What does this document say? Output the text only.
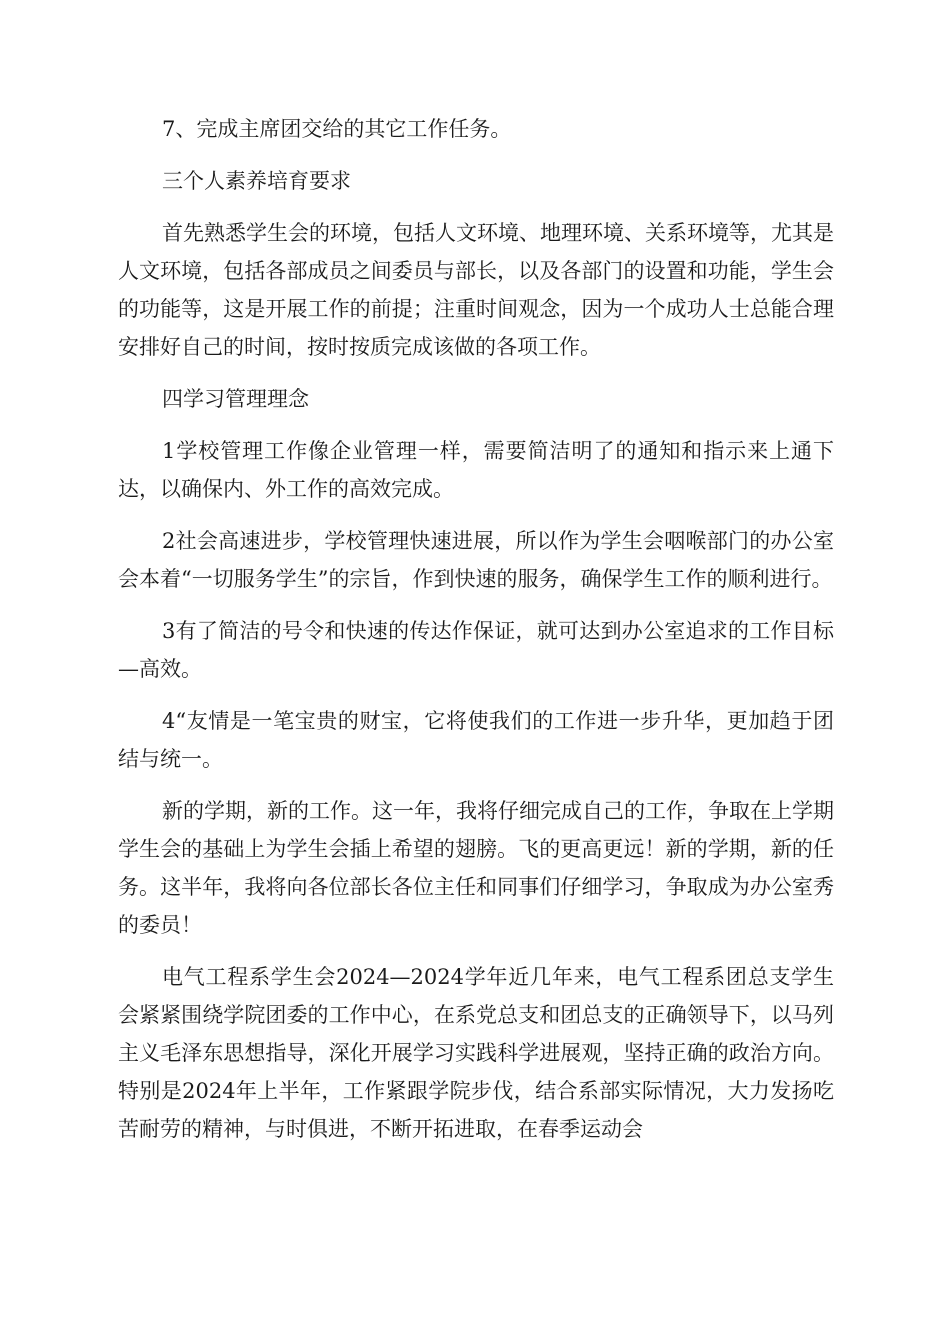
7、完成主席团交给的其它工作任务。

三个人素养培育要求

首先熟悉学生会的环境，包括人文环境、地理环境、关系环境等，尤其是人文环境，包括各部成员之间委员与部长，以及各部门的设置和功能，学生会的功能等，这是开展工作的前提；注重时间观念，因为一个成功人士总能合理安排好自己的时间，按时按质完成该做的各项工作。

四学习管理理念

1学校管理工作像企业管理一样，需要简洁明了的通知和指示来上通下达，以确保内、外工作的高效完成。

2社会高速进步，学校管理快速进展，所以作为学生会咽喉部门的办公室会本着“一切服务学生”的宗旨，作到快速的服务，确保学生工作的顺利进行。

3有了简洁的号令和快速的传达作保证，就可达到办公室追求的工作目标—高效。

4“友情是一笔宝贵的财宝，它将使我们的工作进一步升华，更加趋于团结与统一。

新的学期，新的工作。这一年，我将仔细完成自己的工作，争取在上学期学生会的基础上为学生会插上希望的翅膀。飞的更高更远！新的学期，新的任务。这半年，我将向各位部长各位主任和同事们仔细学习，争取成为办公室秀的委员！

电气工程系学生会2024—2024学年近几年来，电气工程系团总支学生会紧紧围绕学院团委的工作中心，在系党总支和团总支的正确领导下，以马列主义毛泽东思想指导，深化开展学习实践科学进展观，坚持正确的政治方向。特别是2024年上半年，工作紧跟学院步伐，结合系部实际情况，大力发扬吃苦耐劳的精神，与时俱进，不断开拓进取，在春季运动会
